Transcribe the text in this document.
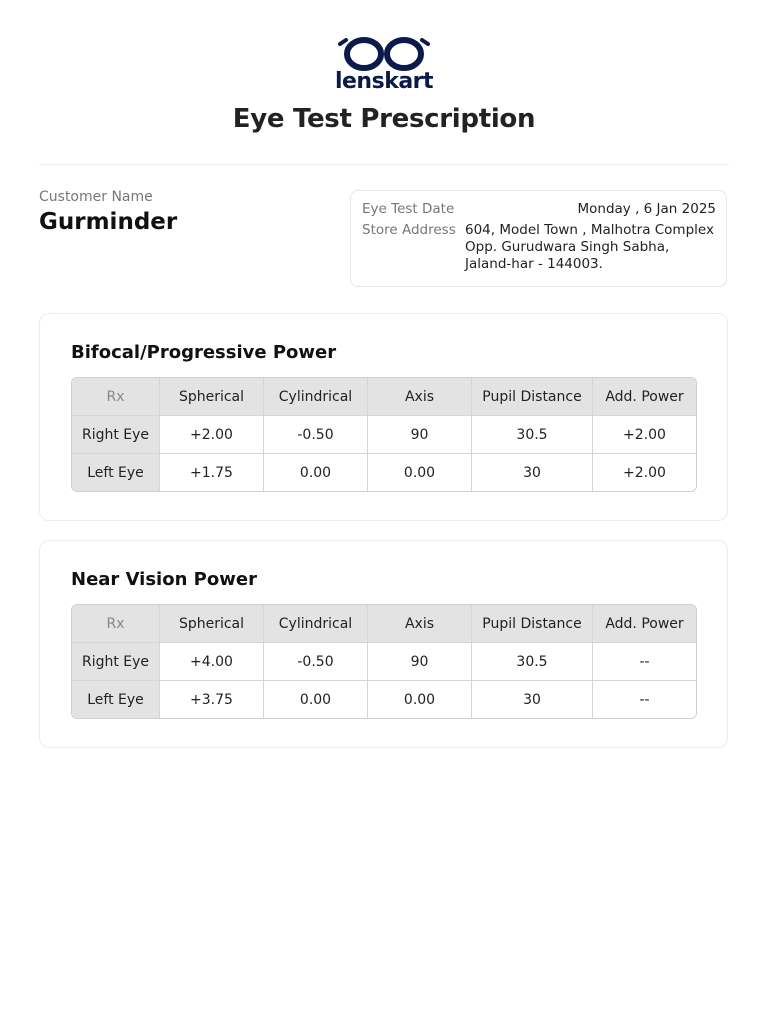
lenskart
Eye Test Prescription
Customer Name
Gurminder	Eye Test Date	Monday , 6 Jan 2025
Store Address 604, Model Town , Malhotra Complex Opp. Gurudwara Singh Sabha, Jaland-har - 144003.
Bifocal/Progressive Power
Rx	Spherical	Cylindrical	Axis	Pupil Distance	Add. Power
Right Eye	+2.00	-0.50	90	30.5	+2.00
Left Eye	+1.75	0.00	0.00	30	+2.00
Near Vision Power
Rx	Spherical	Cylindrical	Axis	Pupil Distance	Add. Power
Right Eye	+4.00	-0.50	90	30.5	--
Left Eye	+3.75	0.00	0.00	30	--
